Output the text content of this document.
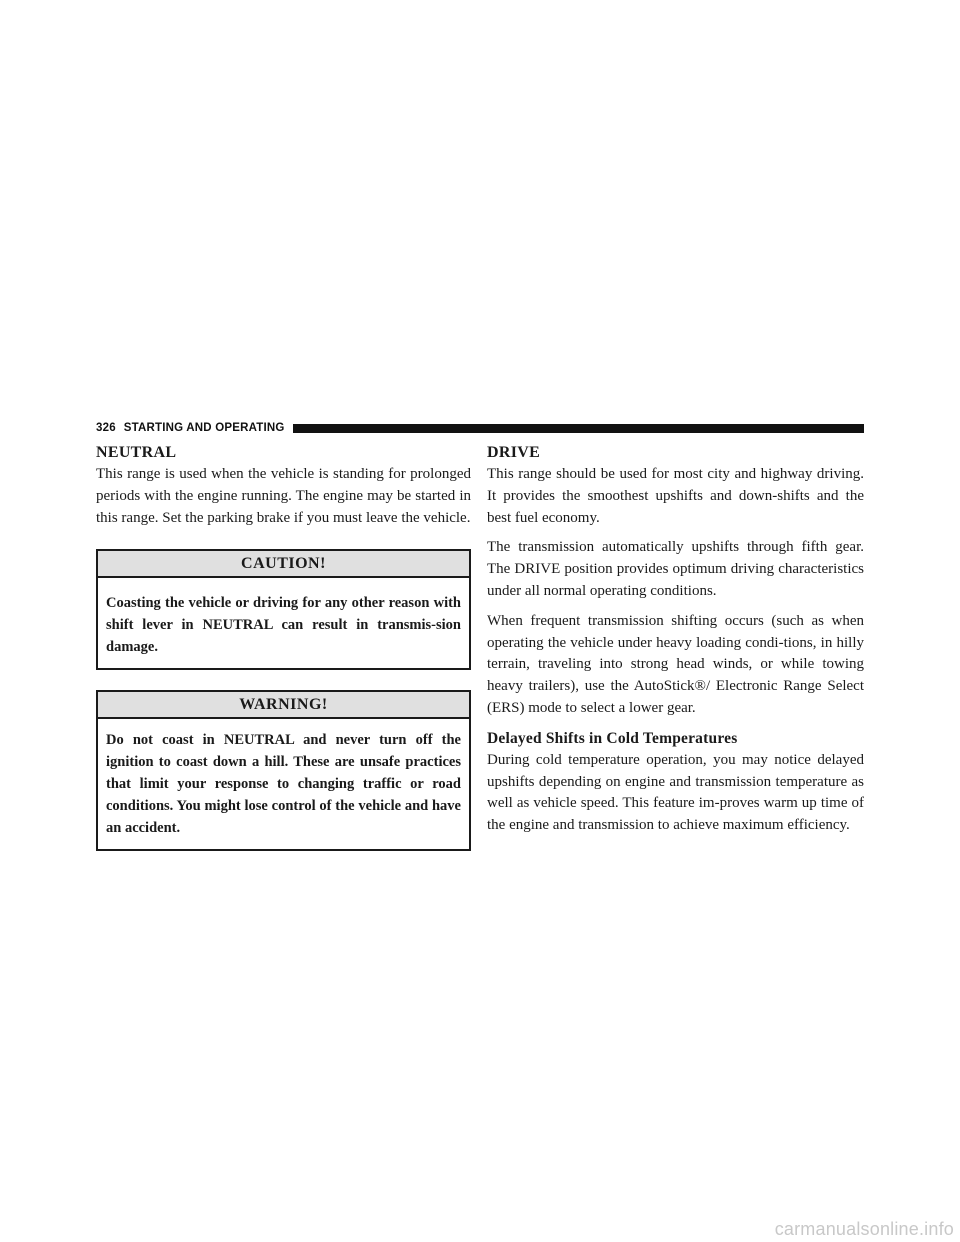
326 STARTING AND OPERATING
NEUTRAL

This range is used when the vehicle is standing for prolonged periods with the engine running. The engine may be started in this range. Set the parking brake if you must leave the vehicle.

CAUTION!

Coasting the vehicle or driving for any other reason with shift lever in NEUTRAL can result in transmis-sion damage.

WARNING!

Do not coast in NEUTRAL and never turn off the ignition to coast down a hill. These are unsafe practices that limit your response to changing traffic or road conditions. You might lose control of the vehicle and have an accident.

DRIVE

This range should be used for most city and highway driving. It provides the smoothest upshifts and down-shifts and the best fuel economy.

The transmission automatically upshifts through fifth gear. The DRIVE position provides optimum driving characteristics under all normal operating conditions.

When frequent transmission shifting occurs (such as when operating the vehicle under heavy loading condi-tions, in hilly terrain, traveling into strong head winds, or while towing heavy trailers), use the AutoStick®/ Electronic Range Select (ERS) mode to select a lower gear.

Delayed Shifts in Cold Temperatures

During cold temperature operation, you may notice delayed upshifts depending on engine and transmission temperature as well as vehicle speed. This feature im-proves warm up time of the engine and transmission to achieve maximum efficiency.

carmanualsonline.info
